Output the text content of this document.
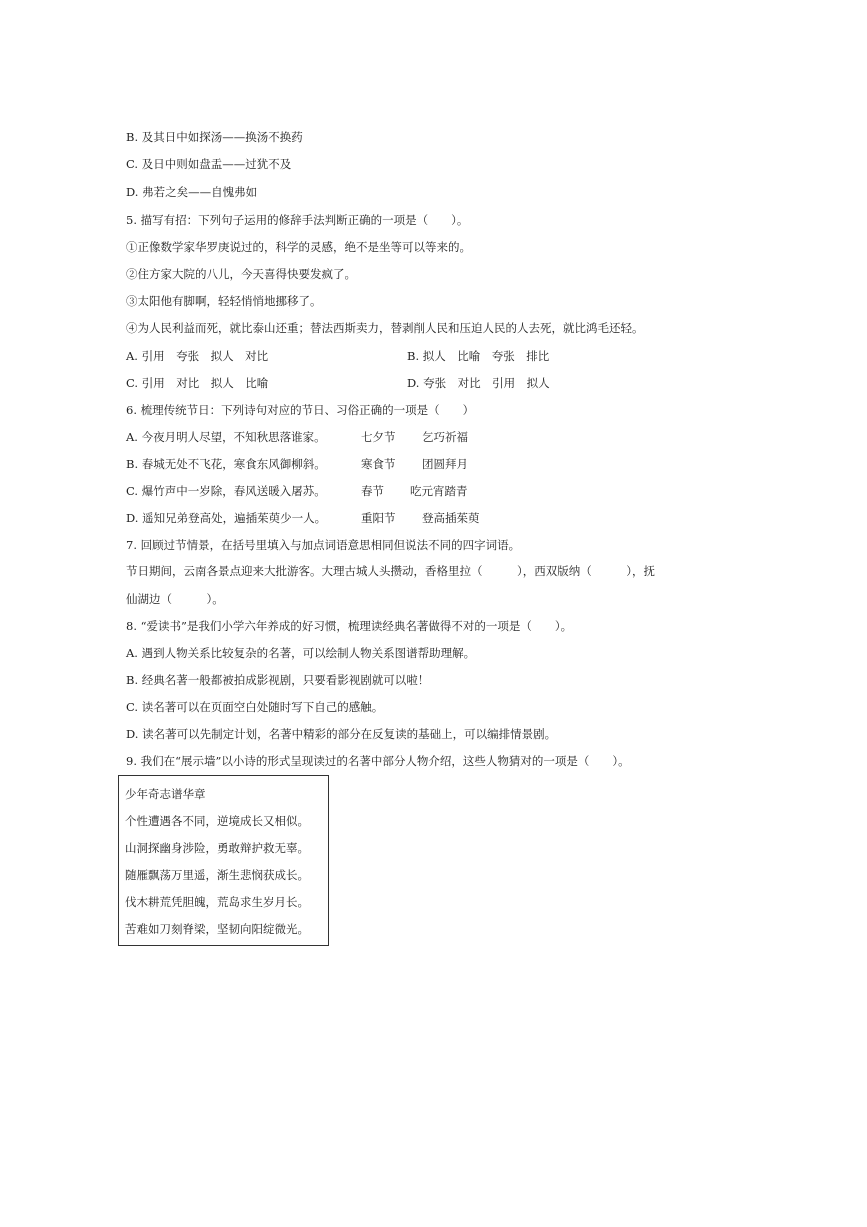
B. 及其日中如探汤——换汤不换药
C. 及日中则如盘盂——过犹不及
D. 弗若之矣——自愧弗如
5. 描写有招：下列句子运用的修辞手法判断正确的一项是（　　）。
①正像数学家华罗庚说过的，科学的灵感，绝不是坐等可以等来的。
②住方家大院的八儿，今天喜得快要发疯了。
③太阳他有脚啊，轻轻悄悄地挪移了。
④为人民利益而死，就比泰山还重；替法西斯卖力，替剥削人民和压迫人民的人去死，就比鸿毛还轻。
A. 引用　夸张　拟人　对比	B. 拟人　比喻　夸张　排比
C. 引用　对比　拟人　比喻	D. 夸张　对比　引用　拟人
6. 梳理传统节日：下列诗句对应的节日、习俗正确的一项是（　　）
A. 今夜月明人尽望，不知秋思落谁家。	七夕节 乞巧祈福
B. 春城无处不飞花，寒食东风御柳斜。	寒食节 团圆拜月
C. 爆竹声中一岁除，春风送暖入屠苏。	春节 吃元宵踏青
D. 遥知兄弟登高处，遍插茱萸少一人。	重阳节 登高插茱萸
7. 回顾过节情景，在括号里填入与加点词语意思相同但说法不同的四字词语。
节日期间，云南各景点迎来大批游客。大理古城人头攒动，香格里拉（　　　），西双版纳（　　　），抚
仙湖边（　　　）。
8. “爱读书”是我们小学六年养成的好习惯，梳理读经典名著做得不对的一项是（　　）。
A. 遇到人物关系比较复杂的名著，可以绘制人物关系图谱帮助理解。
B. 经典名著一般都被拍成影视剧，只要看影视剧就可以啦！
C. 读名著可以在页面空白处随时写下自己的感触。
D. 读名著可以先制定计划，名著中精彩的部分在反复读的基础上，可以编排情景剧。
9. 我们在“展示墙”以小诗的形式呈现读过的名著中部分人物介绍，这些人物猜对的一项是（　　）。
少年奇志谱华章
个性遭遇各不同，逆境成长又相似。
山洞探幽身涉险，勇敢辩护救无辜。
随雁飘荡万里遥，渐生悲悯获成长。
伐木耕荒凭胆魄，荒岛求生岁月长。
苦难如刀刻脊梁，坚韧向阳绽微光。
